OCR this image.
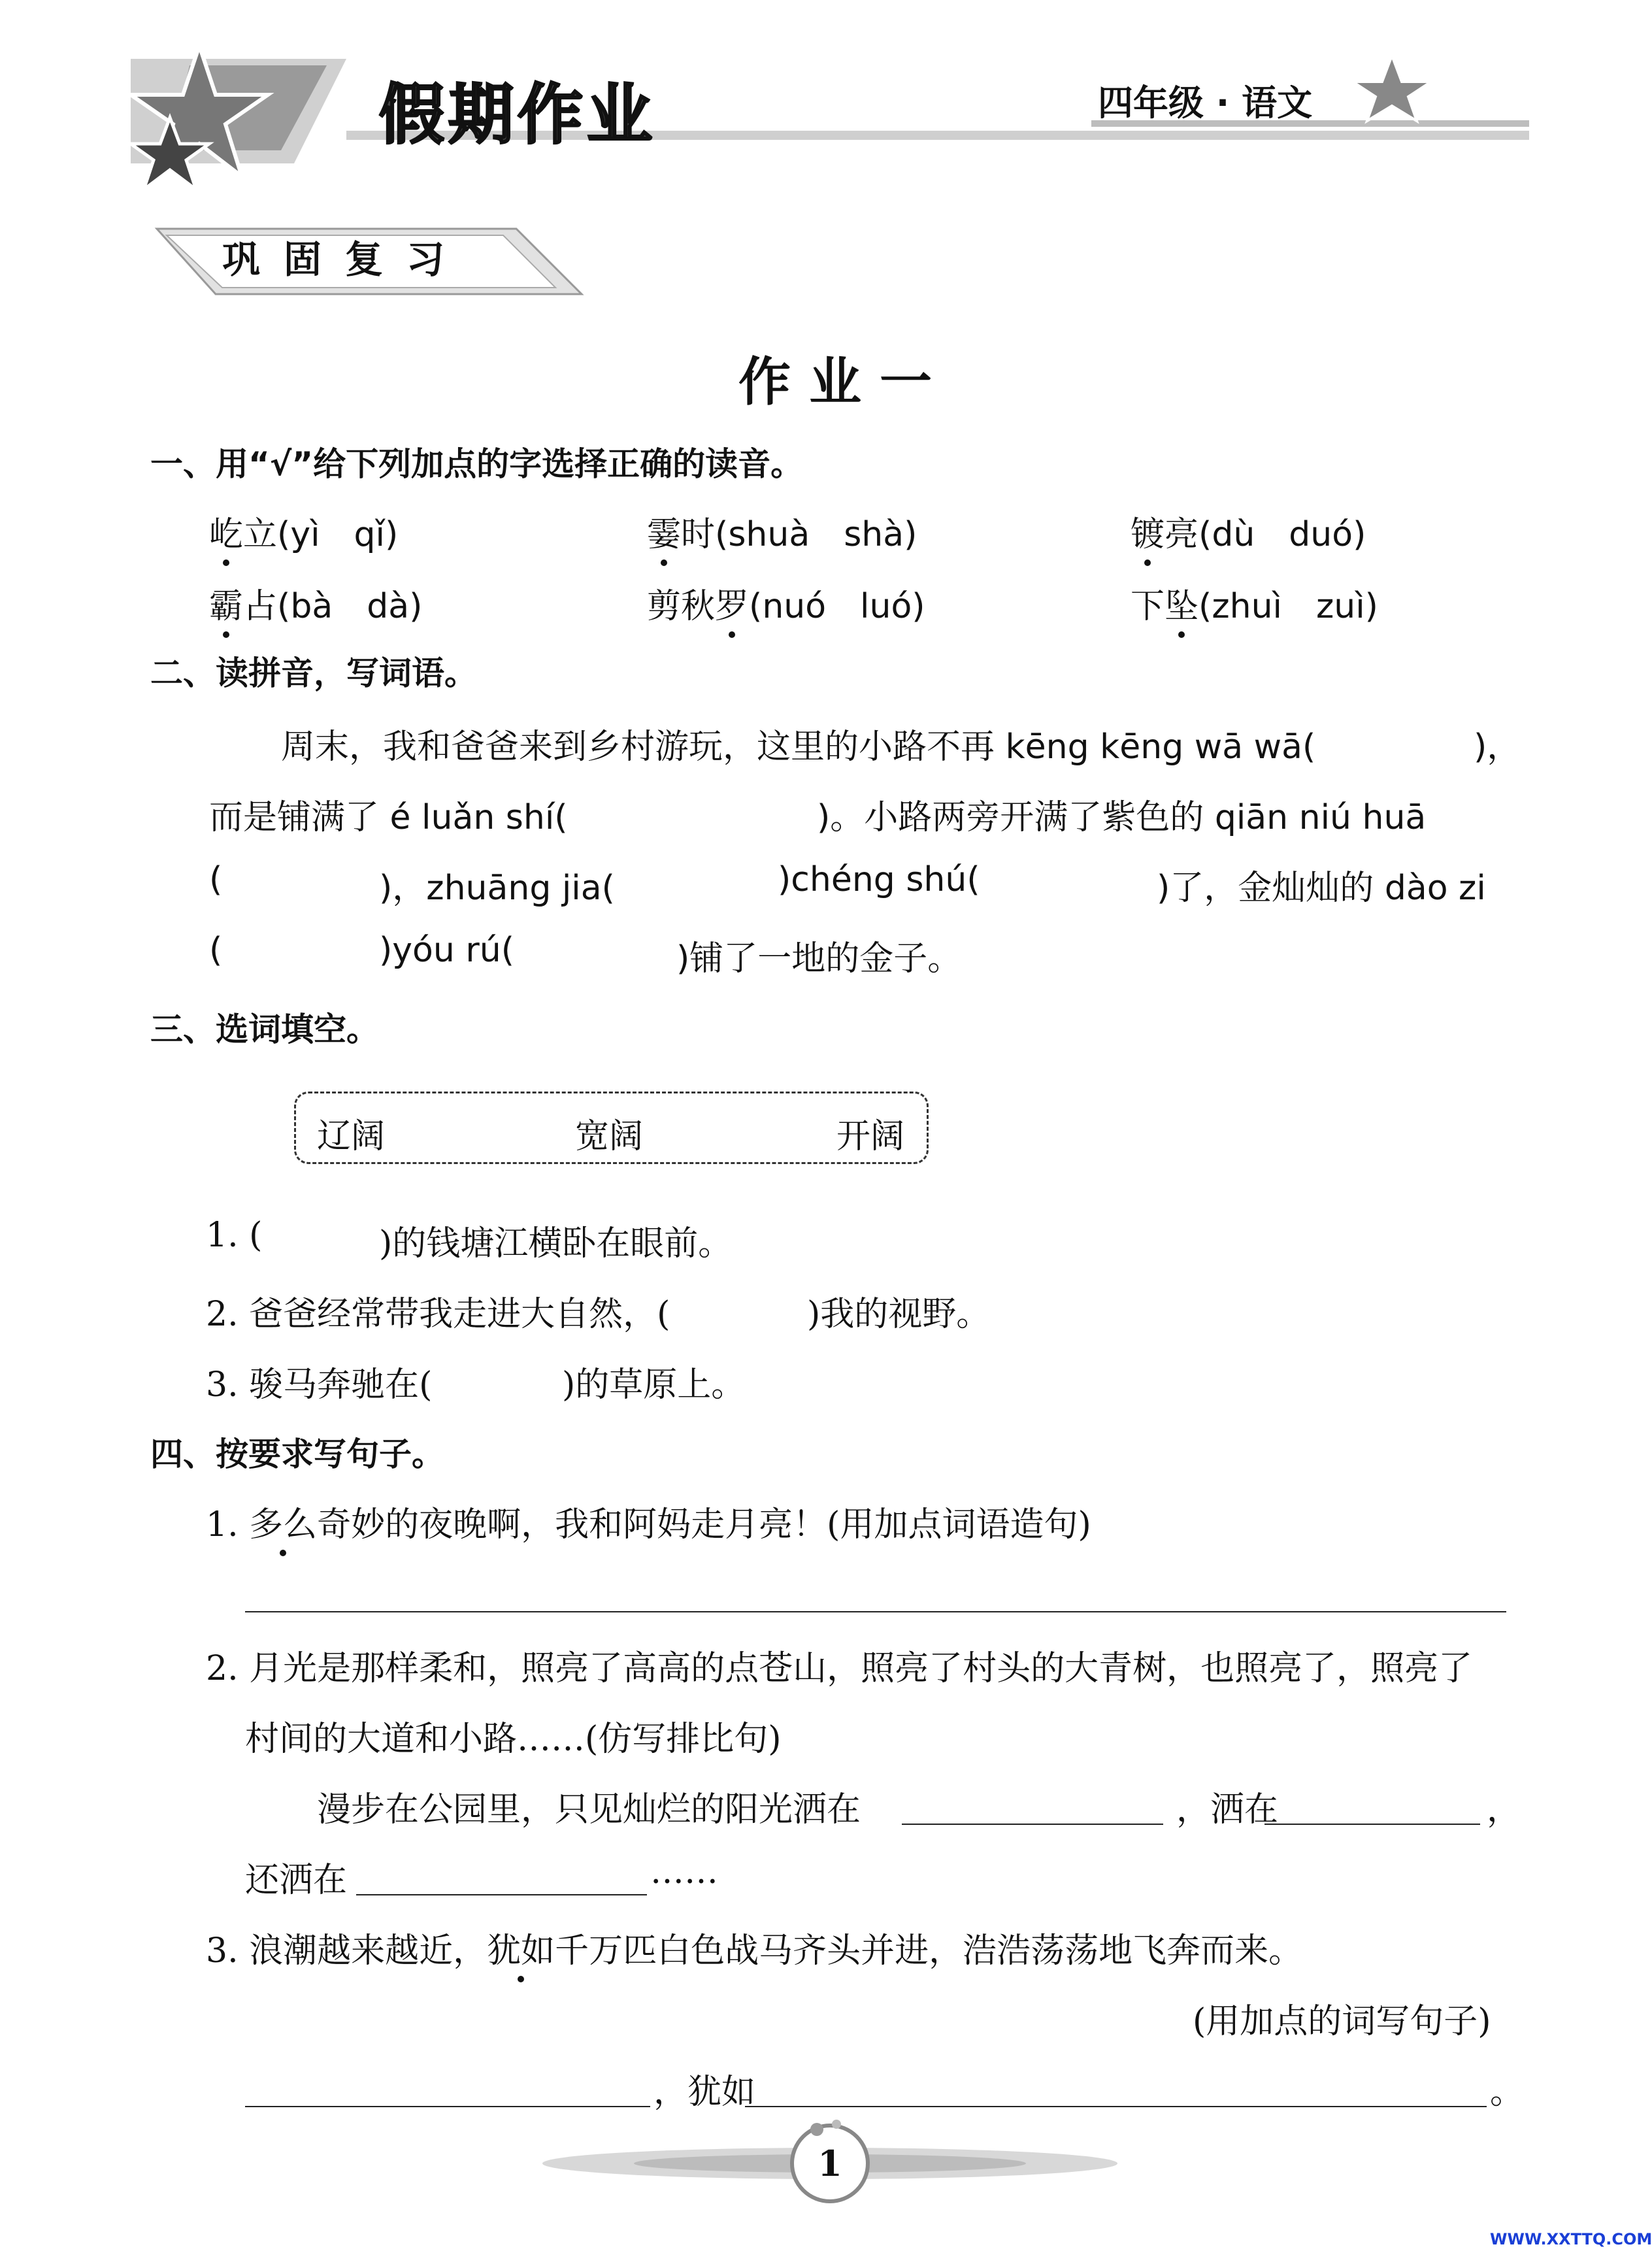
假期作业	四年级 · 语文
巩固复习
作业一
一、用“√”给下列加点的字选择正确的读音。
屹立(yì　qǐ)	霎时(shuà　shà)	镀亮(dù　duó)
霸占(bà　dà)	剪秋罗(nuó　luó)	下坠(zhuì　zuì)
二、读拼音，写词语。
周末，我和爸爸来到乡村游玩，这里的小路不再 kēng kēng wā wā(	)，
而是铺满了 é luǎn shí(	)。小路两旁开满了紫色的 qiān niú huā
(	)，zhuāng jia(	)chéng shú(	)了，金灿灿的 dào zi
(	)yóu rú(	)铺了一地的金子。
三、选词填空。
辽阔	宽阔	开阔
1. (	)的钱塘江横卧在眼前。
2. 爸爸经常带我走进大自然，(	)我的视野。
3. 骏马奔驰在(	)的草原上。
四、按要求写句子。
1. 多么奇妙的夜晚啊，我和阿妈走月亮！(用加点词语造句)
2. 月光是那样柔和，照亮了高高的点苍山，照亮了村头的大青树，也照亮了，照亮了
村间的大道和小路……(仿写排比句)
漫步在公园里，只见灿烂的阳光洒在	，洒在	，
还洒在	……
3. 浪潮越来越近，犹如千万匹白色战马齐头并进，浩浩荡荡地飞奔而来。
(用加点的词写句子)
，犹如	。
1
WWW.XXTTQ.COM
